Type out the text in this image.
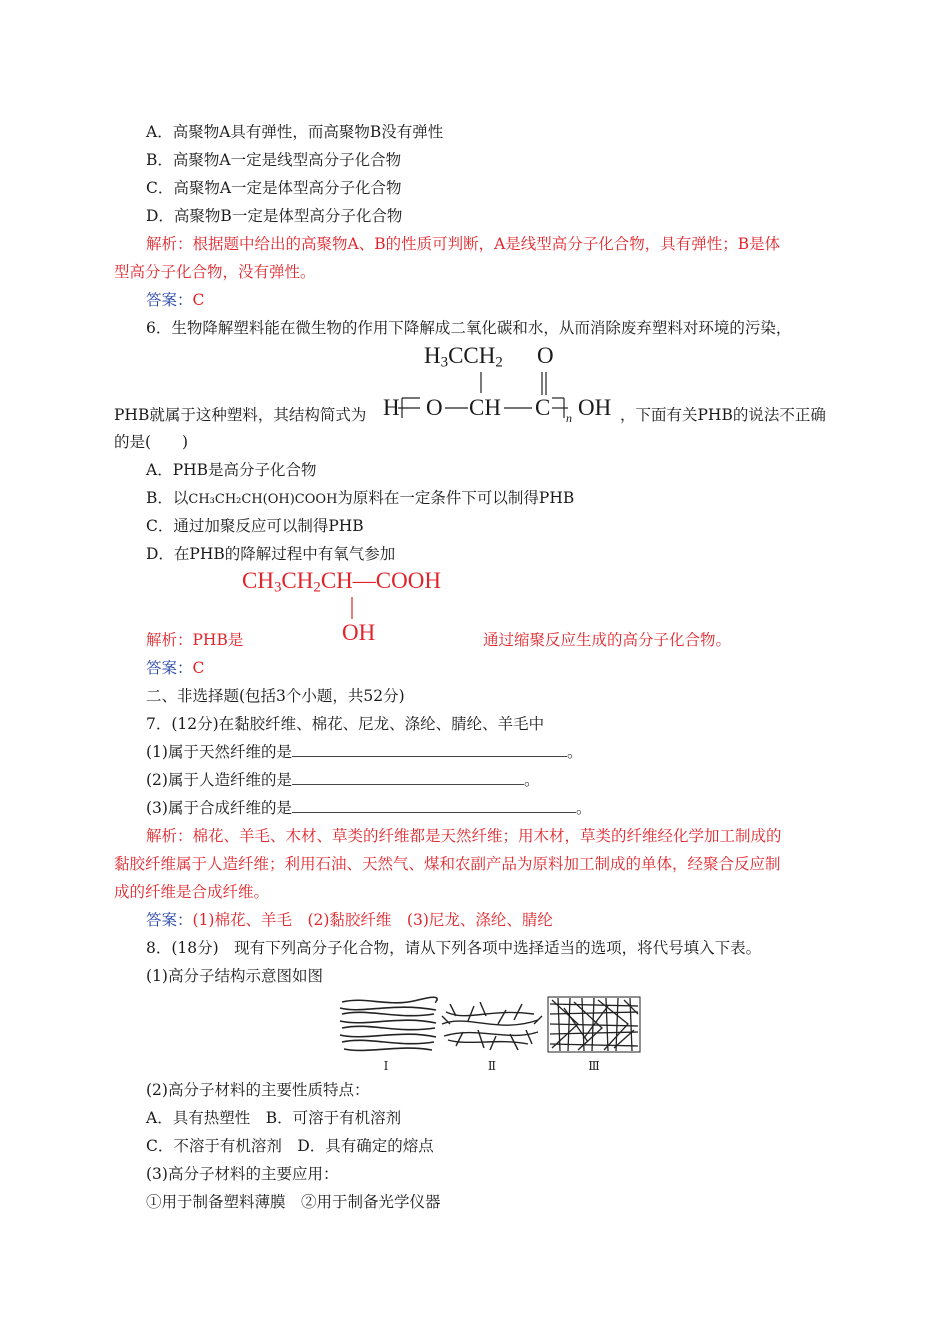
A．高聚物A具有弹性，而高聚物B没有弹性
B．高聚物A一定是线型高分子化合物
C．高聚物A一定是体型高分子化合物
D．高聚物B一定是体型高分子化合物
解析：根据题中给出的高聚物A、B的性质可判断，A是线型高分子化合物，具有弹性；B是体
型高分子化合物，没有弹性。
答案：C
6．生物降解塑料能在微生物的作用下降解成二氧化碳和水，从而消除废弃塑料对环境的污染，
$H_3CCH_2$ O
H O CH C n OH
PHB就属于这种塑料，其结构简式为	，下面有关PHB的说法不正确
的是(　　)
A．PHB是高分子化合物
B．以CH₃CH₂CH(OH)COOH为原料在一定条件下可以制得PHB
C．通过加聚反应可以制得PHB
D．在PHB的降解过程中有氧气参加
$CH_3CH_2CH—COOH$
OH
解析：PHB是	通过缩聚反应生成的高分子化合物。
答案：C
二、非选择题(包括3个小题，共52分)
7．(12分)在黏胶纤维、棉花、尼龙、涤纶、腈纶、羊毛中
(1)属于天然纤维的是	。
(2)属于人造纤维的是	。
(3)属于合成纤维的是	。
解析：棉花、羊毛、木材、草类的纤维都是天然纤维；用木材，草类的纤维经化学加工制成的
黏胶纤维属于人造纤维；利用石油、天然气、煤和农副产品为原料加工制成的单体，经聚合反应制
成的纤维是合成纤维。
答案：(1)棉花、羊毛　(2)黏胶纤维　(3)尼龙、涤纶、腈纶
8．(18分)　现有下列高分子化合物，请从下列各项中选择适当的选项，将代号填入下表。
(1)高分子结构示意图如图
Ⅰ	Ⅱ	Ⅲ
(2)高分子材料的主要性质特点：
A．具有热塑性　B．可溶于有机溶剂
C．不溶于有机溶剂　D．具有确定的熔点
(3)高分子材料的主要应用：
①用于制备塑料薄膜　②用于制备光学仪器
